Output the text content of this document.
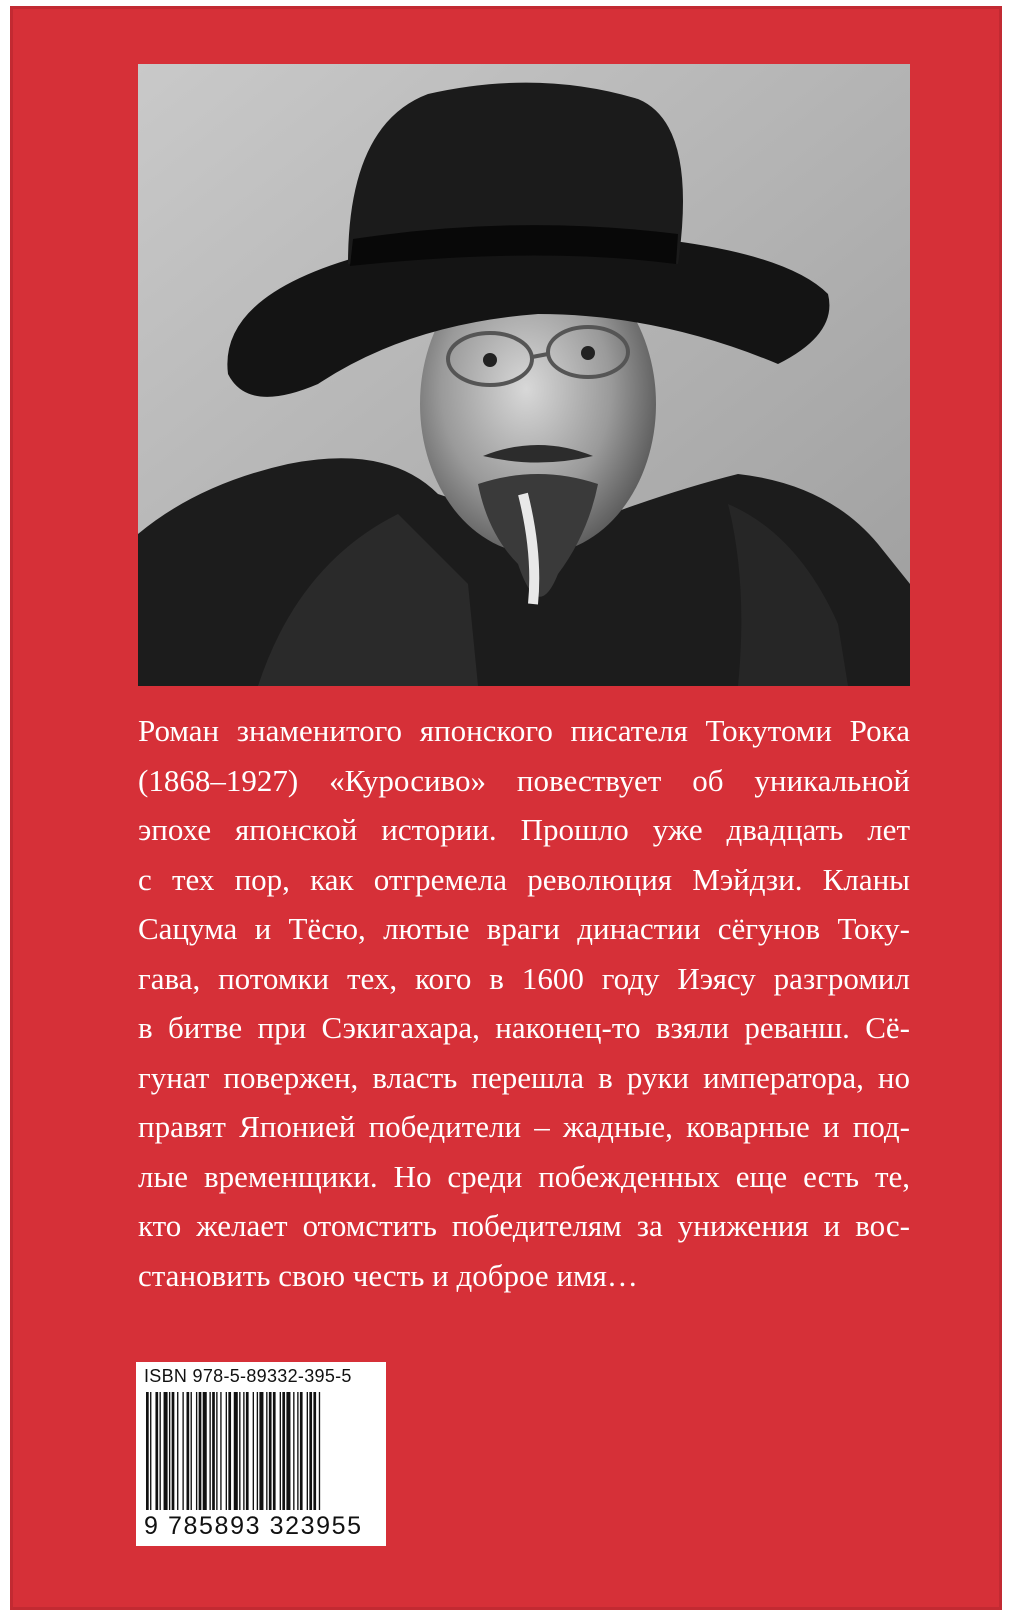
Роман знаменитого японского писателя Токутоми Рока
(1868–1927) «Куросиво» повествует об уникальной
эпохе японской истории. Прошло уже двадцать лет
с тех пор, как отгремела революция Мэйдзи. Кланы
Сацума и Тёсю, лютые враги династии сёгунов Току-
гава, потомки тех, кого в 1600 году Иэясу разгромил
в битве при Сэкигахара, наконец-то взяли реванш. Сё-
гунат повержен, власть перешла в руки императора, но
правят Японией победители – жадные, коварные и под-
лые временщики. Но среди побежденных еще есть те,
кто желает отомстить победителям за унижения и вос-
становить свою честь и доброе имя…
ISBN 978-5-89332-395-5
9 785893 323955
